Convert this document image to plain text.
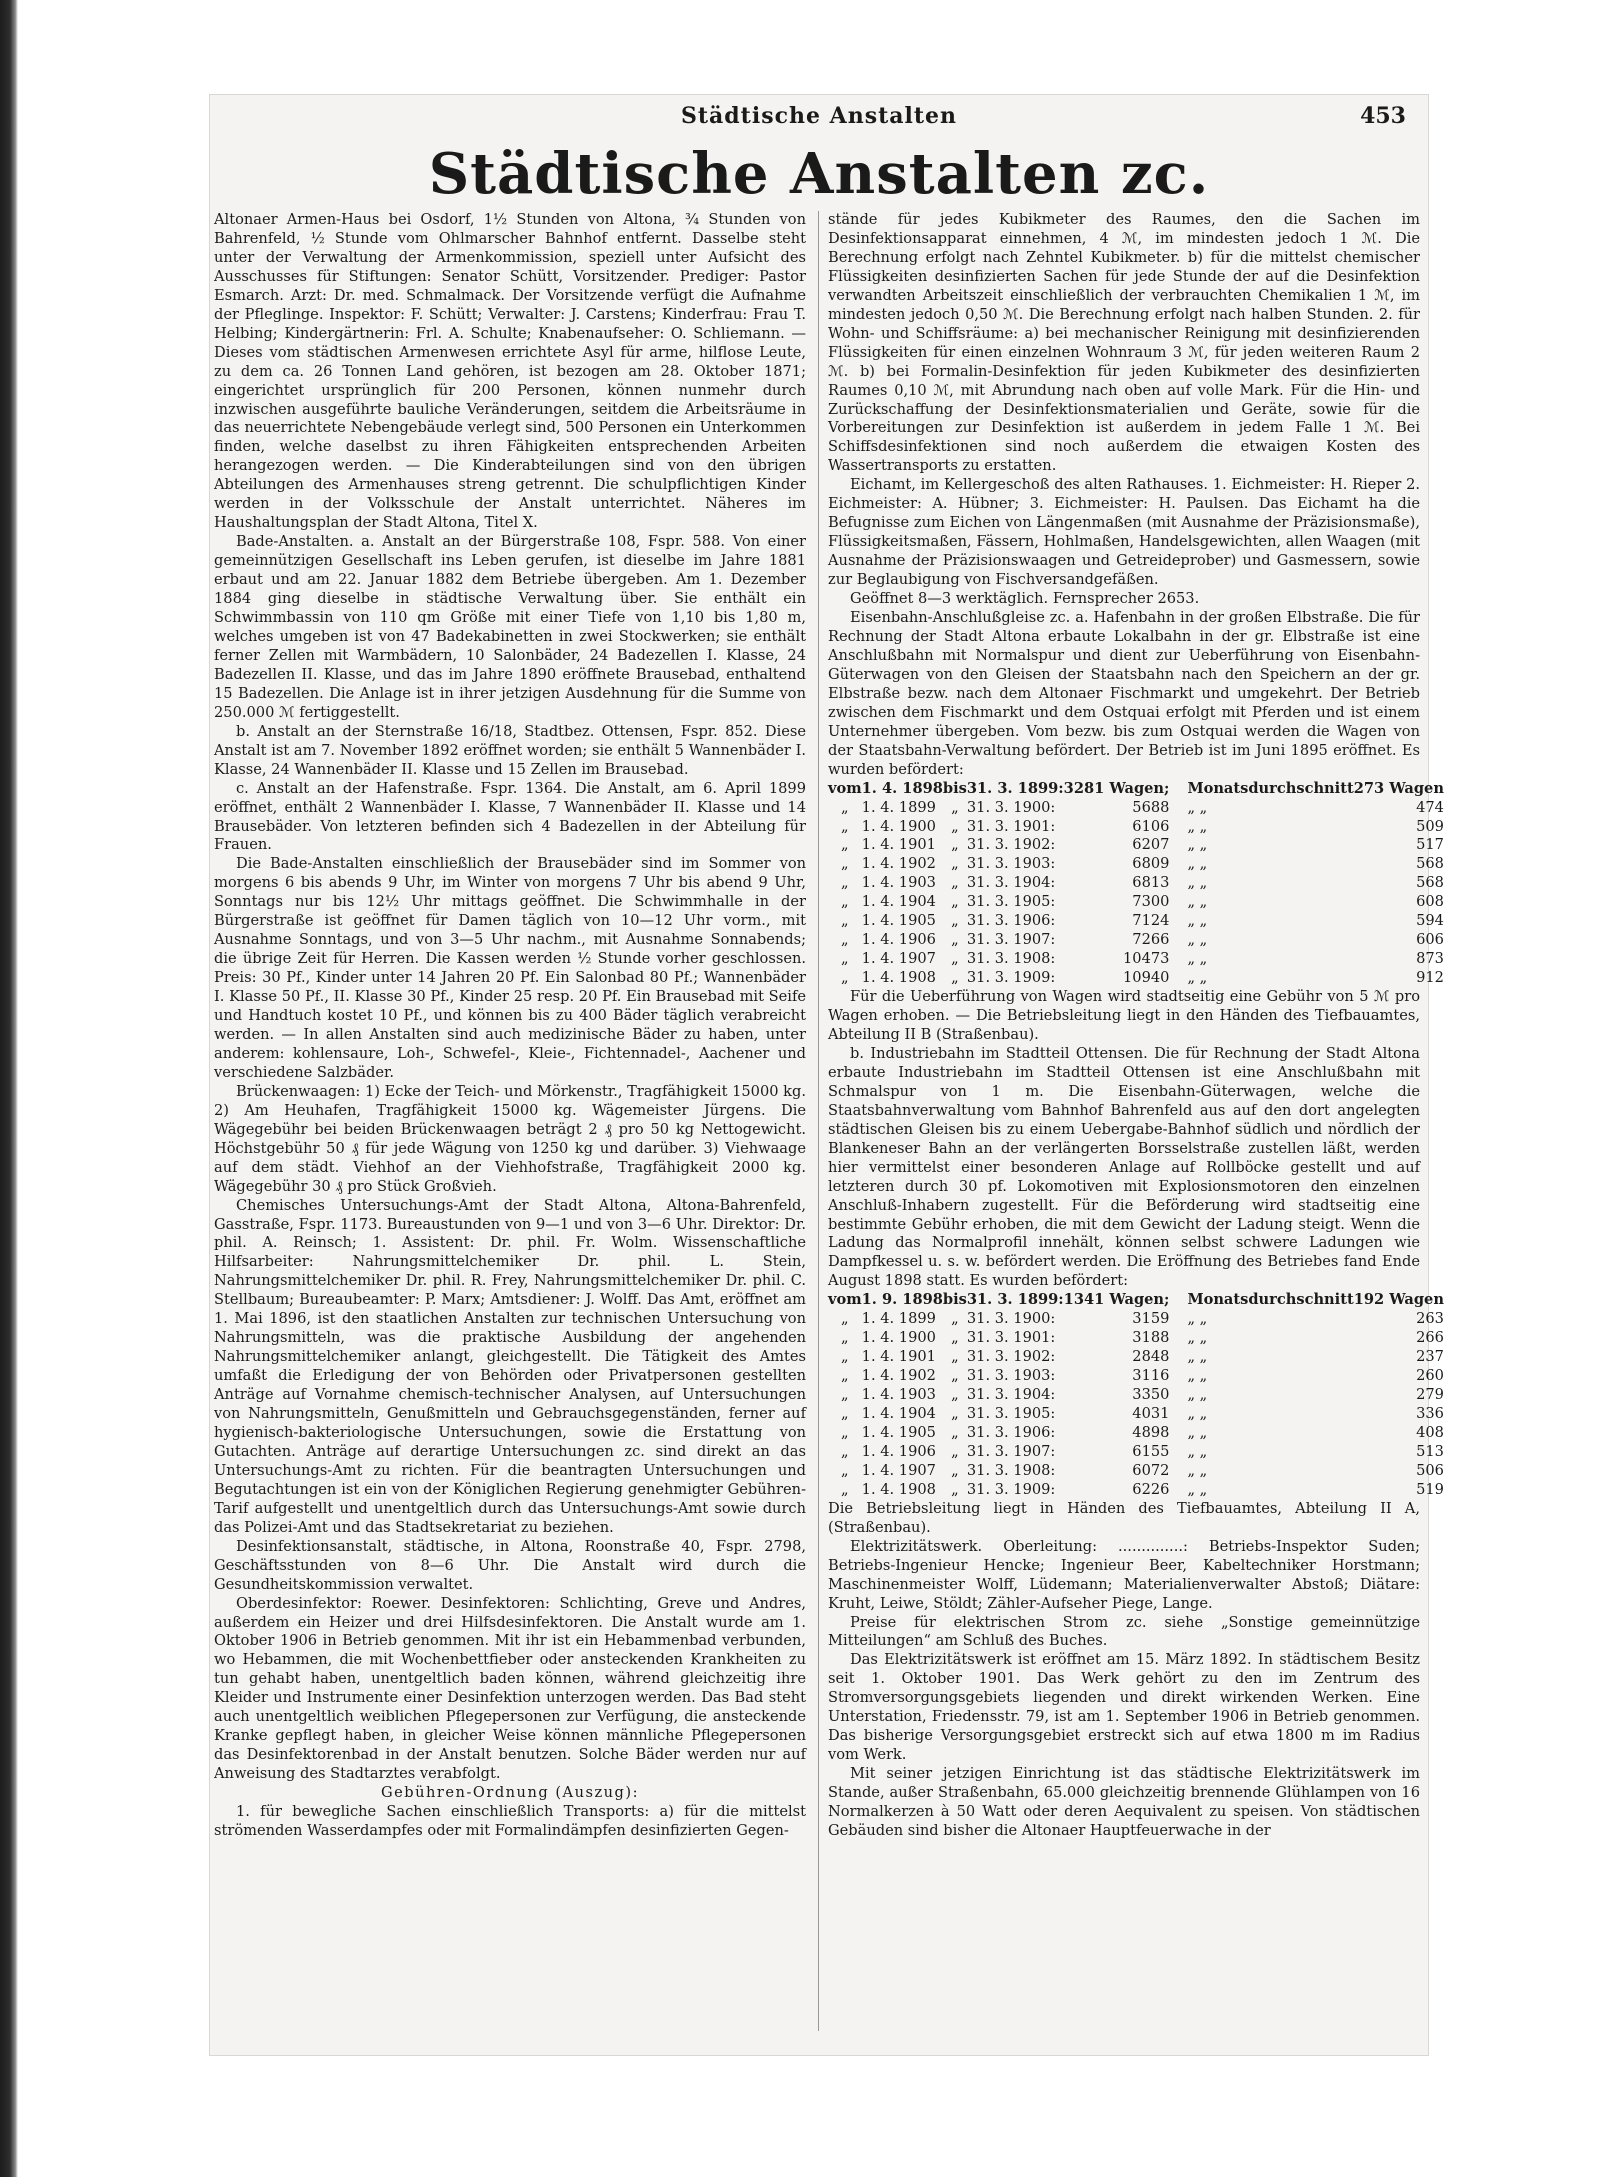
Städtische Anstalten	453
Städtische Anstalten zc.

Altonaer Armen-Haus bei Osdorf, 1½ Stunden von Altona, ¾ Stunden von Bahrenfeld, ½ Stunde vom Ohlmarscher Bahnhof entfernt. Dasselbe steht unter der Verwaltung der Armenkommission, speziell unter Aufsicht des Ausschusses für Stiftungen: Senator Schütt, Vorsitzender. Prediger: Pastor Esmarch. Arzt: Dr. med. Schmalmack. Der Vorsitzende verfügt die Aufnahme der Pfleglinge. Inspektor: F. Schütt; Verwalter: J. Carstens; Kinderfrau: Frau T. Helbing; Kindergärtnerin: Frl. A. Schulte; Knabenaufseher: O. Schliemann. — Dieses vom städtischen Armenwesen errichtete Asyl für arme, hilflose Leute, zu dem ca. 26 Tonnen Land gehören, ist bezogen am 28. Oktober 1871; eingerichtet ursprünglich für 200 Personen, können nunmehr durch inzwischen ausgeführte bauliche Veränderungen, seitdem die Arbeitsräume in das neuerrichtete Nebengebäude verlegt sind, 500 Personen ein Unterkommen finden, welche daselbst zu ihren Fähigkeiten entsprechenden Arbeiten herangezogen werden. — Die Kinderabteilungen sind von den übrigen Abteilungen des Armenhauses streng getrennt. Die schulpflichtigen Kinder werden in der Volksschule der Anstalt unterrichtet. Näheres im Haushaltungsplan der Stadt Altona, Titel X.

Bade-Anstalten. a. Anstalt an der Bürgerstraße 108, Fspr. 588. Von einer gemeinnützigen Gesellschaft ins Leben gerufen, ist dieselbe im Jahre 1881 erbaut und am 22. Januar 1882 dem Betriebe übergeben. Am 1. Dezember 1884 ging dieselbe in städtische Verwaltung über. Sie enthält ein Schwimmbassin von 110 qm Größe mit einer Tiefe von 1,10 bis 1,80 m, welches umgeben ist von 47 Badekabinetten in zwei Stockwerken; sie enthält ferner Zellen mit Warmbädern, 10 Salonbäder, 24 Badezellen I. Klasse, 24 Badezellen II. Klasse, und das im Jahre 1890 eröffnete Brausebad, enthaltend 15 Badezellen. Die Anlage ist in ihrer jetzigen Ausdehnung für die Summe von 250.000 ℳ fertiggestellt.

b. Anstalt an der Sternstraße 16/18, Stadtbez. Ottensen, Fspr. 852. Diese Anstalt ist am 7. November 1892 eröffnet worden; sie enthält 5 Wannenbäder I. Klasse, 24 Wannenbäder II. Klasse und 15 Zellen im Brausebad.

c. Anstalt an der Hafenstraße. Fspr. 1364. Die Anstalt, am 6. April 1899 eröffnet, enthält 2 Wannenbäder I. Klasse, 7 Wannenbäder II. Klasse und 14 Brausebäder. Von letzteren befinden sich 4 Badezellen in der Abteilung für Frauen.

Die Bade-Anstalten einschließlich der Brausebäder sind im Sommer von morgens 6 bis abends 9 Uhr, im Winter von morgens 7 Uhr bis abend 9 Uhr, Sonntags nur bis 12½ Uhr mittags geöffnet. Die Schwimmhalle in der Bürgerstraße ist geöffnet für Damen täglich von 10—12 Uhr vorm., mit Ausnahme Sonntags, und von 3—5 Uhr nachm., mit Ausnahme Sonnabends; die übrige Zeit für Herren. Die Kassen werden ½ Stunde vorher geschlossen. Preis: 30 Pf., Kinder unter 14 Jahren 20 Pf. Ein Salonbad 80 Pf.; Wannenbäder I. Klasse 50 Pf., II. Klasse 30 Pf., Kinder 25 resp. 20 Pf. Ein Brausebad mit Seife und Handtuch kostet 10 Pf., und können bis zu 400 Bäder täglich verabreicht werden. — In allen Anstalten sind auch medizinische Bäder zu haben, unter anderem: kohlensaure, Loh-, Schwefel-, Kleie-, Fichtennadel-, Aachener und verschiedene Salzbäder.

Brückenwaagen: 1) Ecke der Teich- und Mörkenstr., Tragfähigkeit 15000 kg. 2) Am Heuhafen, Tragfähigkeit 15000 kg. Wägemeister Jürgens. Die Wägegebühr bei beiden Brückenwaagen beträgt 2 ₰ pro 50 kg Nettogewicht. Höchstgebühr 50 ₰ für jede Wägung von 1250 kg und darüber. 3) Viehwaage auf dem städt. Viehhof an der Viehhofstraße, Tragfähigkeit 2000 kg. Wägegebühr 30 ₰ pro Stück Großvieh.

Chemisches Untersuchungs-Amt der Stadt Altona, Altona-Bahrenfeld, Gasstraße, Fspr. 1173. Bureaustunden von 9—1 und von 3—6 Uhr. Direktor: Dr. phil. A. Reinsch; 1. Assistent: Dr. phil. Fr. Wolm. Wissenschaftliche Hilfsarbeiter: Nahrungsmittelchemiker Dr. phil. L. Stein, Nahrungsmittelchemiker Dr. phil. R. Frey, Nahrungsmittelchemiker Dr. phil. C. Stellbaum; Bureaubeamter: P. Marx; Amtsdiener: J. Wolff. Das Amt, eröffnet am 1. Mai 1896, ist den staatlichen Anstalten zur technischen Untersuchung von Nahrungsmitteln, was die praktische Ausbildung der angehenden Nahrungsmittelchemiker anlangt, gleichgestellt. Die Tätigkeit des Amtes umfaßt die Erledigung der von Behörden oder Privatpersonen gestellten Anträge auf Vornahme chemisch-technischer Analysen, auf Untersuchungen von Nahrungsmitteln, Genußmitteln und Gebrauchsgegenständen, ferner auf hygienisch-bakteriologische Untersuchungen, sowie die Erstattung von Gutachten. Anträge auf derartige Untersuchungen zc. sind direkt an das Untersuchungs-Amt zu richten. Für die beantragten Untersuchungen und Begutachtungen ist ein von der Königlichen Regierung genehmigter Gebühren-Tarif aufgestellt und unentgeltlich durch das Untersuchungs-Amt sowie durch das Polizei-Amt und das Stadtsekretariat zu beziehen.

Desinfektionsanstalt, städtische, in Altona, Roonstraße 40, Fspr. 2798, Geschäftsstunden von 8—6 Uhr. Die Anstalt wird durch die Gesundheitskommission verwaltet.

Oberdesinfektor: Roewer. Desinfektoren: Schlichting, Greve und Andres, außerdem ein Heizer und drei Hilfsdesinfektoren. Die Anstalt wurde am 1. Oktober 1906 in Betrieb genommen. Mit ihr ist ein Hebammenbad verbunden, wo Hebammen, die mit Wochenbettfieber oder ansteckenden Krankheiten zu tun gehabt haben, unentgeltlich baden können, während gleichzeitig ihre Kleider und Instrumente einer Desinfektion unterzogen werden. Das Bad steht auch unentgeltlich weiblichen Pflegepersonen zur Verfügung, die ansteckende Kranke gepflegt haben, in gleicher Weise können männliche Pflegepersonen das Desinfektorenbad in der Anstalt benutzen. Solche Bäder werden nur auf Anweisung des Stadtarztes verabfolgt.

Gebühren-Ordnung (Auszug):

1. für bewegliche Sachen einschließlich Transports: a) für die mittelst strömenden Wasserdampfes oder mit Formalindämpfen desinfizierten Gegen-

stände für jedes Kubikmeter des Raumes, den die Sachen im Desinfektionsapparat einnehmen, 4 ℳ, im mindesten jedoch 1 ℳ. Die Berechnung erfolgt nach Zehntel Kubikmeter. b) für die mittelst chemischer Flüssigkeiten desinfizierten Sachen für jede Stunde der auf die Desinfektion verwandten Arbeitszeit einschließlich der verbrauchten Chemikalien 1 ℳ, im mindesten jedoch 0,50 ℳ. Die Berechnung erfolgt nach halben Stunden. 2. für Wohn- und Schiffsräume: a) bei mechanischer Reinigung mit desinfizierenden Flüssigkeiten für einen einzelnen Wohnraum 3 ℳ, für jeden weiteren Raum 2 ℳ. b) bei Formalin-Desinfektion für jeden Kubikmeter des desinfizierten Raumes 0,10 ℳ, mit Abrundung nach oben auf volle Mark. Für die Hin- und Zurückschaffung der Desinfektionsmaterialien und Geräte, sowie für die Vorbereitungen zur Desinfektion ist außerdem in jedem Falle 1 ℳ. Bei Schiffsdesinfektionen sind noch außerdem die etwaigen Kosten des Wassertransports zu erstatten.

Eichamt, im Kellergeschoß des alten Rathauses. 1. Eichmeister: H. Rieper 2. Eichmeister: A. Hübner; 3. Eichmeister: H. Paulsen. Das Eichamt ha die Befugnisse zum Eichen von Längenmaßen (mit Ausnahme der Präzisionsmaße), Flüssigkeitsmaßen, Fässern, Hohlmaßen, Handelsgewichten, allen Waagen (mit Ausnahme der Präzisionswaagen und Getreideprober) und Gasmessern, sowie zur Beglaubigung von Fischversandgefäßen.

Geöffnet 8—3 werktäglich. Fernsprecher 2653.

Eisenbahn-Anschlußgleise zc. a. Hafenbahn in der großen Elbstraße. Die für Rechnung der Stadt Altona erbaute Lokalbahn in der gr. Elbstraße ist eine Anschlußbahn mit Normalspur und dient zur Ueberführung von Eisenbahn-Güterwagen von den Gleisen der Staatsbahn nach den Speichern an der gr. Elbstraße bezw. nach dem Altonaer Fischmarkt und umgekehrt. Der Betrieb zwischen dem Fischmarkt und dem Ostquai erfolgt mit Pferden und ist einem Unternehmer übergeben. Vom bezw. bis zum Ostquai werden die Wagen von der Staatsbahn-Verwaltung befördert. Der Betrieb ist im Juni 1895 eröffnet. Es wurden befördert:

vom	1. 4. 1898	bis	31. 3. 1899:	3281 Wagen;	Monatsdurchschnitt	273 Wagen
„	1. 4. 1899	„	31. 3. 1900:	5688	„ „	474
„	1. 4. 1900	„	31. 3. 1901:	6106	„ „	509
„	1. 4. 1901	„	31. 3. 1902:	6207	„ „	517
„	1. 4. 1902	„	31. 3. 1903:	6809	„ „	568
„	1. 4. 1903	„	31. 3. 1904:	6813	„ „	568
„	1. 4. 1904	„	31. 3. 1905:	7300	„ „	608
„	1. 4. 1905	„	31. 3. 1906:	7124	„ „	594
„	1. 4. 1906	„	31. 3. 1907:	7266	„ „	606
„	1. 4. 1907	„	31. 3. 1908:	10473	„ „	873
„	1. 4. 1908	„	31. 3. 1909:	10940	„ „	912

Für die Ueberführung von Wagen wird stadtseitig eine Gebühr von 5 ℳ pro Wagen erhoben. — Die Betriebsleitung liegt in den Händen des Tiefbauamtes, Abteilung II B (Straßenbau).

b. Industriebahn im Stadtteil Ottensen. Die für Rechnung der Stadt Altona erbaute Industriebahn im Stadtteil Ottensen ist eine Anschlußbahn mit Schmalspur von 1 m. Die Eisenbahn-Güterwagen, welche die Staatsbahnverwaltung vom Bahnhof Bahrenfeld aus auf den dort angelegten städtischen Gleisen bis zu einem Uebergabe-Bahnhof südlich und nördlich der Blankeneser Bahn an der verlängerten Borsselstraße zustellen läßt, werden hier vermittelst einer besonderen Anlage auf Rollböcke gestellt und auf letzteren durch 30 pf. Lokomotiven mit Explosionsmotoren den einzelnen Anschluß-Inhabern zugestellt. Für die Beförderung wird stadtseitig eine bestimmte Gebühr erhoben, die mit dem Gewicht der Ladung steigt. Wenn die Ladung das Normalprofil innehält, können selbst schwere Ladungen wie Dampfkessel u. s. w. befördert werden. Die Eröffnung des Betriebes fand Ende August 1898 statt. Es wurden befördert:

vom	1. 9. 1898	bis	31. 3. 1899:	1341 Wagen;	Monatsdurchschnitt	192 Wagen
„	1. 4. 1899	„	31. 3. 1900:	3159	„ „	263
„	1. 4. 1900	„	31. 3. 1901:	3188	„ „	266
„	1. 4. 1901	„	31. 3. 1902:	2848	„ „	237
„	1. 4. 1902	„	31. 3. 1903:	3116	„ „	260
„	1. 4. 1903	„	31. 3. 1904:	3350	„ „	279
„	1. 4. 1904	„	31. 3. 1905:	4031	„ „	336
„	1. 4. 1905	„	31. 3. 1906:	4898	„ „	408
„	1. 4. 1906	„	31. 3. 1907:	6155	„ „	513
„	1. 4. 1907	„	31. 3. 1908:	6072	„ „	506
„	1. 4. 1908	„	31. 3. 1909:	6226	„ „	519

Die Betriebsleitung liegt in Händen des Tiefbauamtes, Abteilung II A, (Straßenbau).

Elektrizitätswerk. Oberleitung: ..............: Betriebs-Inspektor Suden; Betriebs-Ingenieur Hencke; Ingenieur Beer, Kabeltechniker Horstmann; Maschinenmeister Wolff, Lüdemann; Materialienverwalter Abstoß; Diätare: Kruht, Leiwe, Stöldt; Zähler-Aufseher Piege, Lange.

Preise für elektrischen Strom zc. siehe „Sonstige gemeinnützige Mitteilungen“ am Schluß des Buches.

Das Elektrizitätswerk ist eröffnet am 15. März 1892. In städtischem Besitz seit 1. Oktober 1901. Das Werk gehört zu den im Zentrum des Stromversorgungsgebiets liegenden und direkt wirkenden Werken. Eine Unterstation, Friedensstr. 79, ist am 1. September 1906 in Betrieb genommen. Das bisherige Versorgungsgebiet erstreckt sich auf etwa 1800 m im Radius vom Werk.

Mit seiner jetzigen Einrichtung ist das städtische Elektrizitätswerk im Stande, außer Straßenbahn, 65.000 gleichzeitig brennende Glühlampen von 16 Normalkerzen à 50 Watt oder deren Aequivalent zu speisen. Von städtischen Gebäuden sind bisher die Altonaer Hauptfeuerwache in der
